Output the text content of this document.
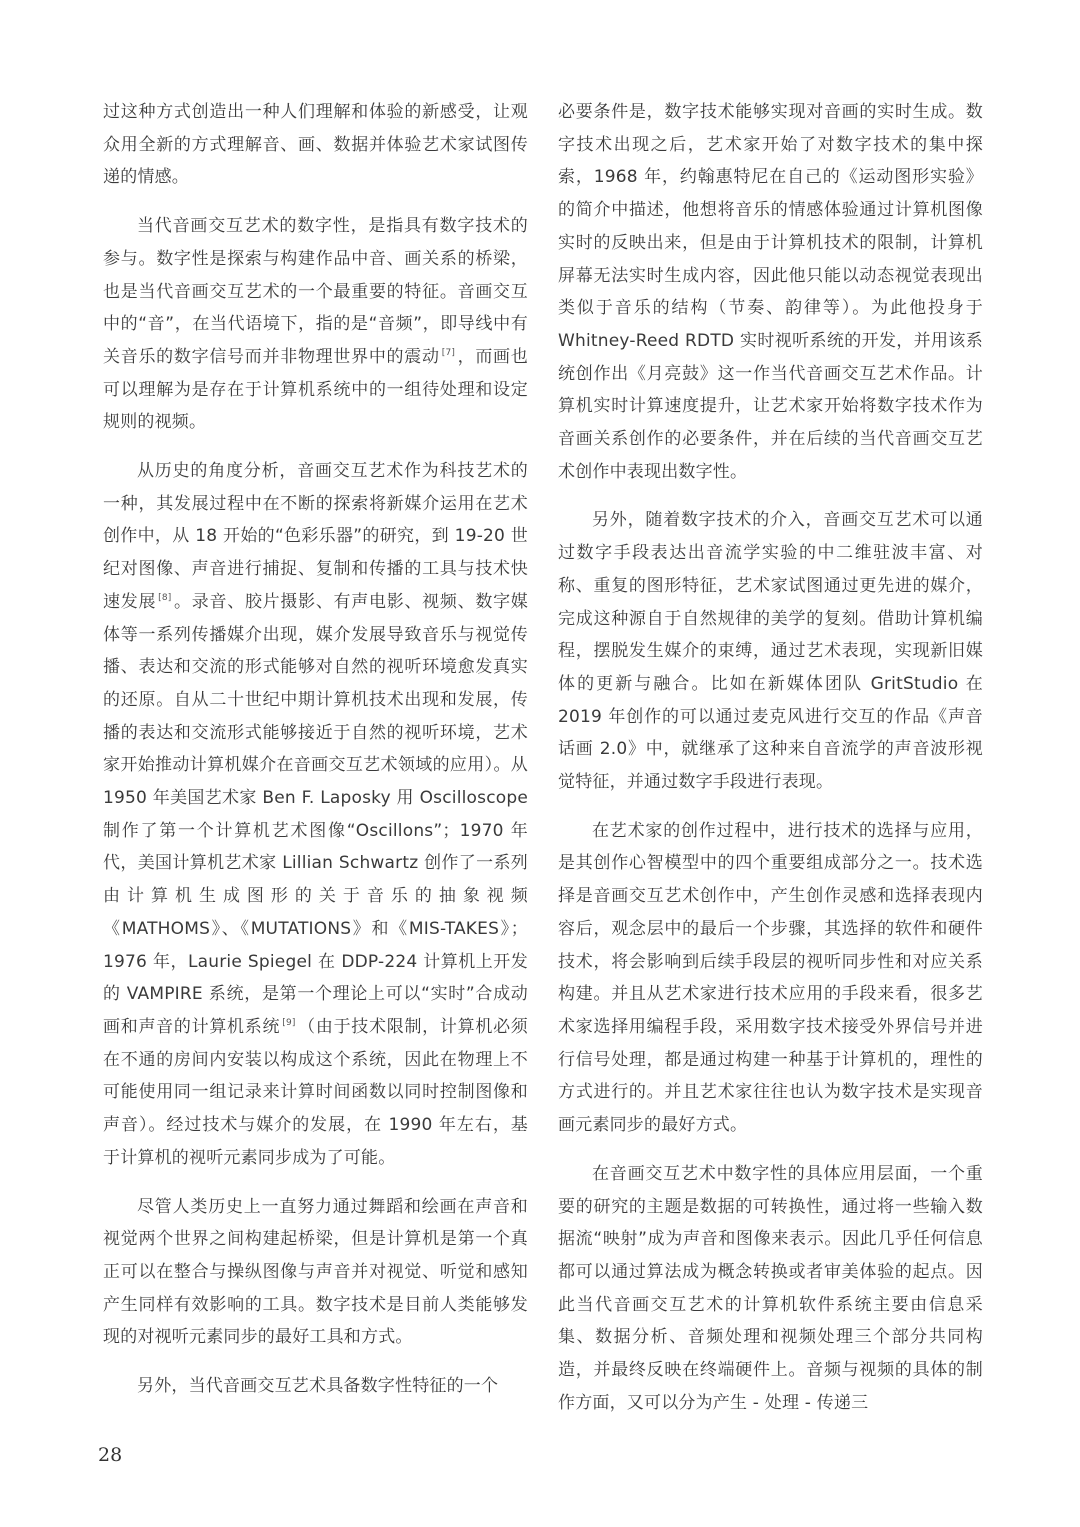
过这种方式创造出一种人们理解和体验的新感受，让观众用全新的方式理解音、画、数据并体验艺术家试图传递的情感。

当代音画交互艺术的数字性，是指具有数字技术的参与。数字性是探索与构建作品中音、画关系的桥梁，也是当代音画交互艺术的一个最重要的特征。音画交互中的“音”，在当代语境下，指的是“音频”，即导线中有关音乐的数字信号而并非物理世界中的震动 [7] ，而画也可以理解为是存在于计算机系统中的一组待处理和设定规则的视频。

从历史的角度分析，音画交互艺术作为科技艺术的一种，其发展过程中在不断的探索将新媒介运用在艺术创作中，从 18 开始的“色彩乐器”的研究，到 19-20 世纪对图像、声音进行捕捉、复制和传播的工具与技术快速发展 [8] 。录音、胶片摄影、有声电影、视频、数字媒体等一系列传播媒介出现，媒介发展导致音乐与视觉传播、表达和交流的形式能够对自然的视听环境愈发真实的还原。自从二十世纪中期计算机技术出现和发展，传播的表达和交流形式能够接近于自然的视听环境，艺术家开始推动计算机媒介在音画交互艺术领域的应用）。从 1950 年美国艺术家 Ben F. Laposky 用 Oscilloscope 制作了第一个计算机艺术图像“Oscillons”；1970 年代，美国计算机艺术家 Lillian Schwartz 创作了一系列由计算机生成图形的关于音乐的抽象视频《MATHOMS》、《MUTATIONS》和《MIS-TAKES》；1976 年，Laurie Spiegel 在 DDP-224 计算机上开发的 VAMPIRE 系统，是第一个理论上可以“实时”合成动画和声音的计算机系统 [9] （由于技术限制，计算机必须在不通的房间内安装以构成这个系统，因此在物理上不可能使用同一组记录来计算时间函数以同时控制图像和声音）。经过技术与媒介的发展，在 1990 年左右，基于计算机的视听元素同步成为了可能。

尽管人类历史上一直努力通过舞蹈和绘画在声音和视觉两个世界之间构建起桥梁，但是计算机是第一个真正可以在整合与操纵图像与声音并对视觉、听觉和感知产生同样有效影响的工具。数字技术是目前人类能够发现的对视听元素同步的最好工具和方式。

另外，当代音画交互艺术具备数字性特征的一个

必要条件是，数字技术能够实现对音画的实时生成。数字技术出现之后，艺术家开始了对数字技术的集中探索，1968 年，约翰惠特尼在自己的《运动图形实验》的简介中描述，他想将音乐的情感体验通过计算机图像实时的反映出来，但是由于计算机技术的限制，计算机屏幕无法实时生成内容，因此他只能以动态视觉表现出类似于音乐的结构（节奏、韵律等）。为此他投身于 Whitney-Reed RDTD 实时视听系统的开发，并用该系统创作出《月亮鼓》这一作当代音画交互艺术作品。计算机实时计算速度提升，让艺术家开始将数字技术作为音画关系创作的必要条件，并在后续的当代音画交互艺术创作中表现出数字性。

另外，随着数字技术的介入，音画交互艺术可以通过数字手段表达出音流学实验的中二维驻波丰富、对称、重复的图形特征，艺术家试图通过更先进的媒介，完成这种源自于自然规律的美学的复刻。借助计算机编程，摆脱发生媒介的束缚，通过艺术表现，实现新旧媒体的更新与融合。比如在新媒体团队 GritStudio 在 2019 年创作的可以通过麦克风进行交互的作品《声音话画 2.0》中，就继承了这种来自音流学的声音波形视觉特征，并通过数字手段进行表现。

在艺术家的创作过程中，进行技术的选择与应用，是其创作心智模型中的四个重要组成部分之一。技术选择是音画交互艺术创作中，产生创作灵感和选择表现内容后，观念层中的最后一个步骤，其选择的软件和硬件技术，将会影响到后续手段层的视听同步性和对应关系构建。并且从艺术家进行技术应用的手段来看，很多艺术家选择用编程手段，采用数字技术接受外界信号并进行信号处理，都是通过构建一种基于计算机的，理性的方式进行的。并且艺术家往往也认为数字技术是实现音画元素同步的最好方式。

在音画交互艺术中数字性的具体应用层面，一个重要的研究的主题是数据的可转换性，通过将一些输入数据流“映射”成为声音和图像来表示。因此几乎任何信息都可以通过算法成为概念转换或者审美体验的起点。因此当代音画交互艺术的计算机软件系统主要由信息采集、数据分析、音频处理和视频处理三个部分共同构造，并最终反映在终端硬件上。音频与视频的具体的制作方面，又可以分为产生 - 处理 - 传递三

28
